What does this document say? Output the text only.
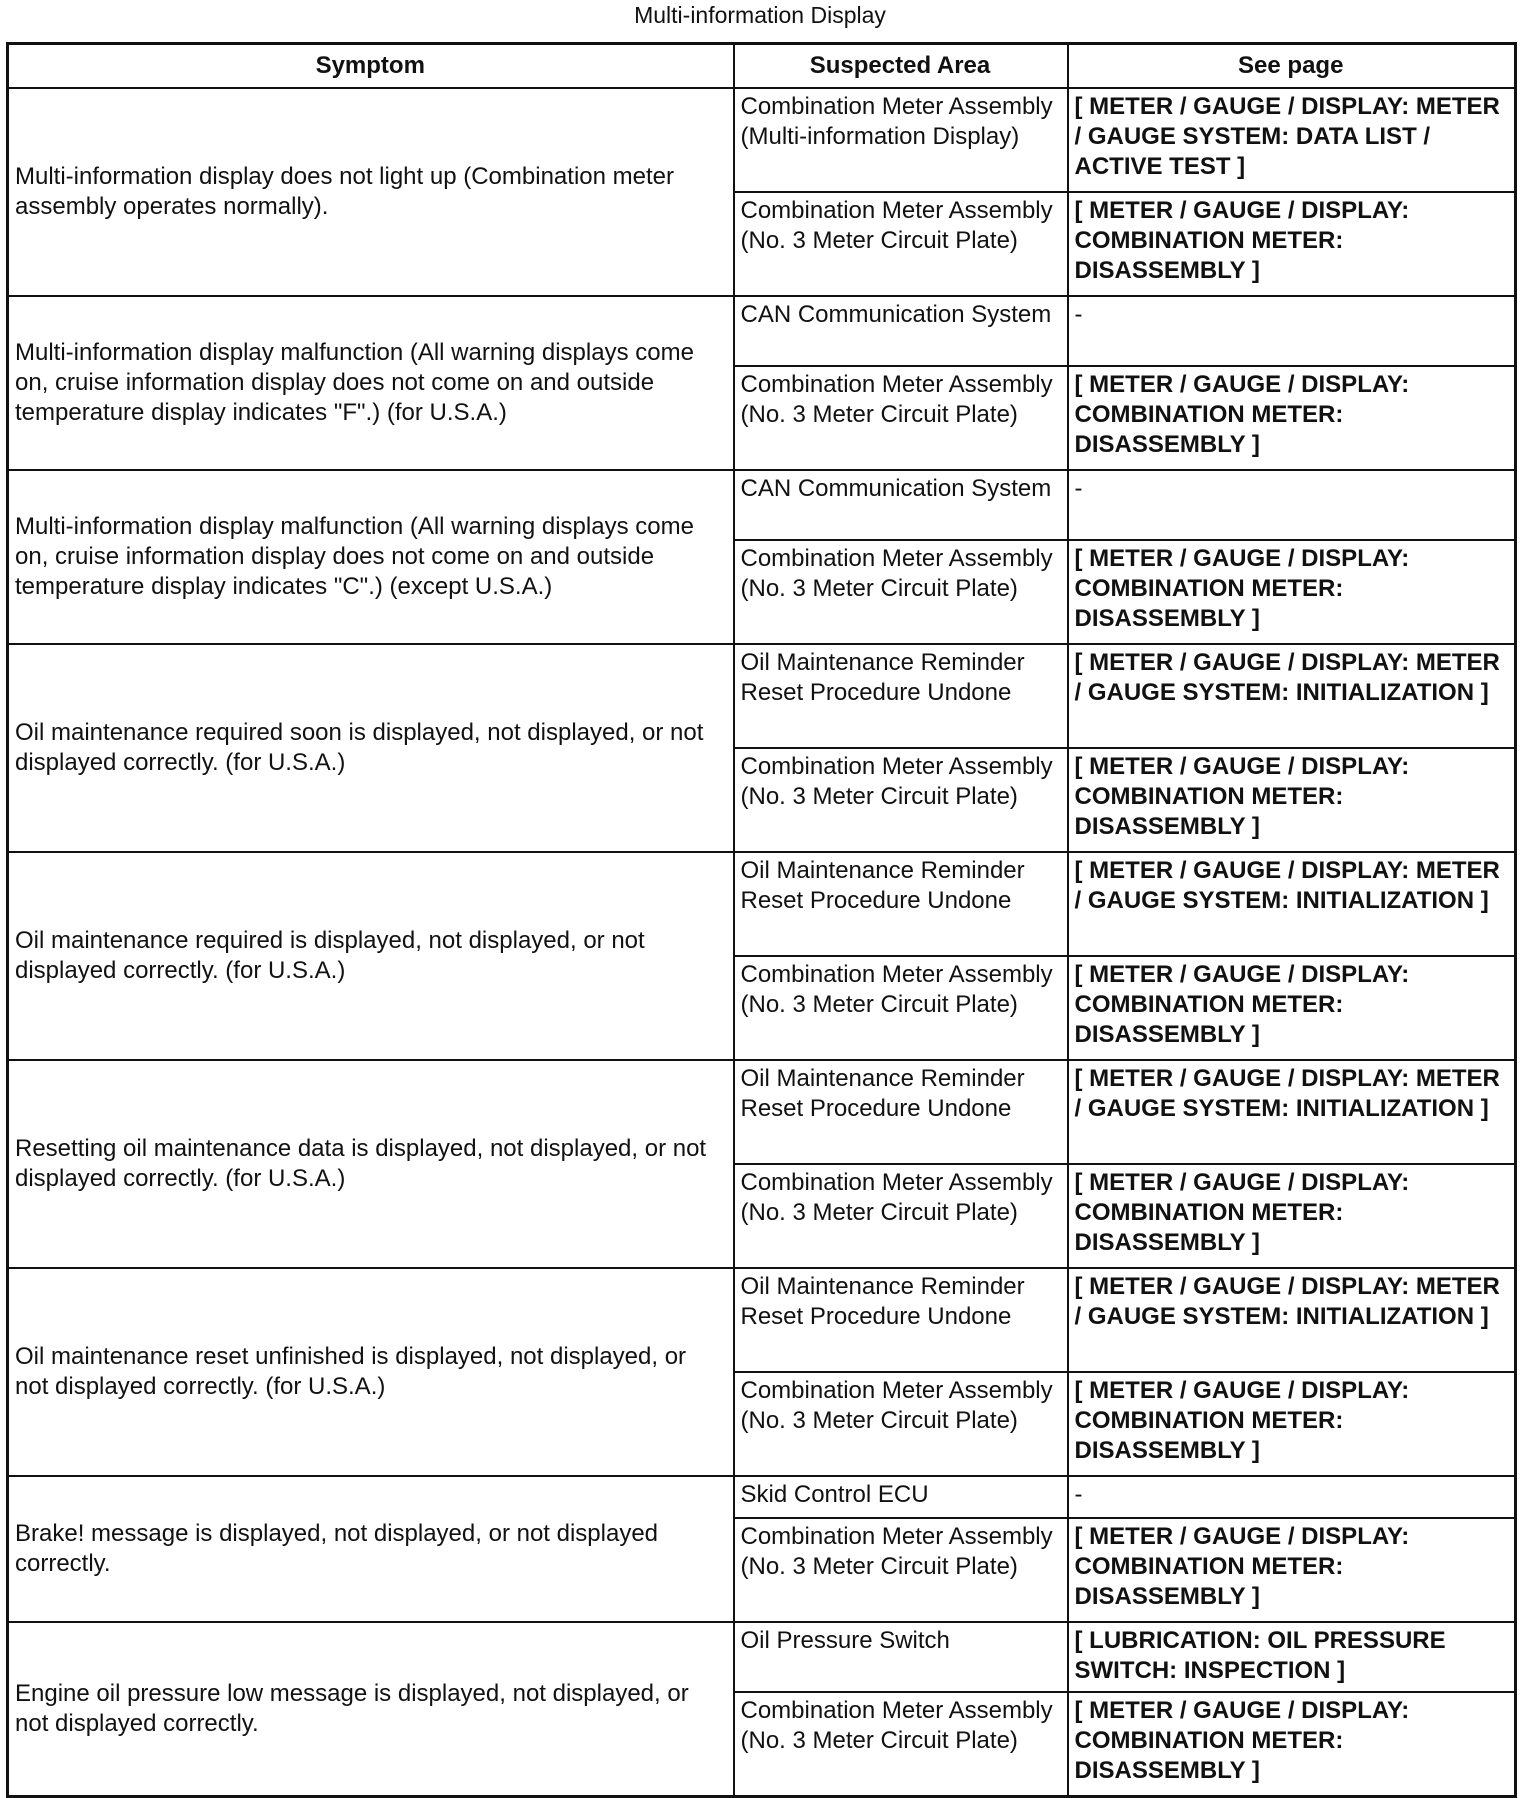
Multi-information Display
Symptom	Suspected Area	See page
Multi-information display does not light up (Combination meter assembly operates normally).	Combination Meter Assembly (Multi-information Display)	[ METER / GAUGE / DISPLAY: METER / GAUGE SYSTEM: DATA LIST / ACTIVE TEST ]
	Combination Meter Assembly (No. 3 Meter Circuit Plate)	[ METER / GAUGE / DISPLAY: COMBINATION METER: DISASSEMBLY ]
Multi-information display malfunction (All warning displays come on, cruise information display does not come on and outside temperature display indicates "F".) (for U.S.A.)	CAN Communication System	-
	Combination Meter Assembly (No. 3 Meter Circuit Plate)	[ METER / GAUGE / DISPLAY: COMBINATION METER: DISASSEMBLY ]
Multi-information display malfunction (All warning displays come on, cruise information display does not come on and outside temperature display indicates "C".) (except U.S.A.)	CAN Communication System	-
	Combination Meter Assembly (No. 3 Meter Circuit Plate)	[ METER / GAUGE / DISPLAY: COMBINATION METER: DISASSEMBLY ]
Oil maintenance required soon is displayed, not displayed, or not displayed correctly. (for U.S.A.)	Oil Maintenance Reminder Reset Procedure Undone	[ METER / GAUGE / DISPLAY: METER / GAUGE SYSTEM: INITIALIZATION ]
	Combination Meter Assembly (No. 3 Meter Circuit Plate)	[ METER / GAUGE / DISPLAY: COMBINATION METER: DISASSEMBLY ]
Oil maintenance required is displayed, not displayed, or not displayed correctly. (for U.S.A.)	Oil Maintenance Reminder Reset Procedure Undone	[ METER / GAUGE / DISPLAY: METER / GAUGE SYSTEM: INITIALIZATION ]
	Combination Meter Assembly (No. 3 Meter Circuit Plate)	[ METER / GAUGE / DISPLAY: COMBINATION METER: DISASSEMBLY ]
Resetting oil maintenance data is displayed, not displayed, or not displayed correctly. (for U.S.A.)	Oil Maintenance Reminder Reset Procedure Undone	[ METER / GAUGE / DISPLAY: METER / GAUGE SYSTEM: INITIALIZATION ]
	Combination Meter Assembly (No. 3 Meter Circuit Plate)	[ METER / GAUGE / DISPLAY: COMBINATION METER: DISASSEMBLY ]
Oil maintenance reset unfinished is displayed, not displayed, or not displayed correctly. (for U.S.A.)	Oil Maintenance Reminder Reset Procedure Undone	[ METER / GAUGE / DISPLAY: METER / GAUGE SYSTEM: INITIALIZATION ]
	Combination Meter Assembly (No. 3 Meter Circuit Plate)	[ METER / GAUGE / DISPLAY: COMBINATION METER: DISASSEMBLY ]
Brake! message is displayed, not displayed, or not displayed correctly.	Skid Control ECU	-
	Combination Meter Assembly (No. 3 Meter Circuit Plate)	[ METER / GAUGE / DISPLAY: COMBINATION METER: DISASSEMBLY ]
Engine oil pressure low message is displayed, not displayed, or not displayed correctly.	Oil Pressure Switch	[ LUBRICATION: OIL PRESSURE SWITCH: INSPECTION ]
	Combination Meter Assembly (No. 3 Meter Circuit Plate)	[ METER / GAUGE / DISPLAY: COMBINATION METER: DISASSEMBLY ]
